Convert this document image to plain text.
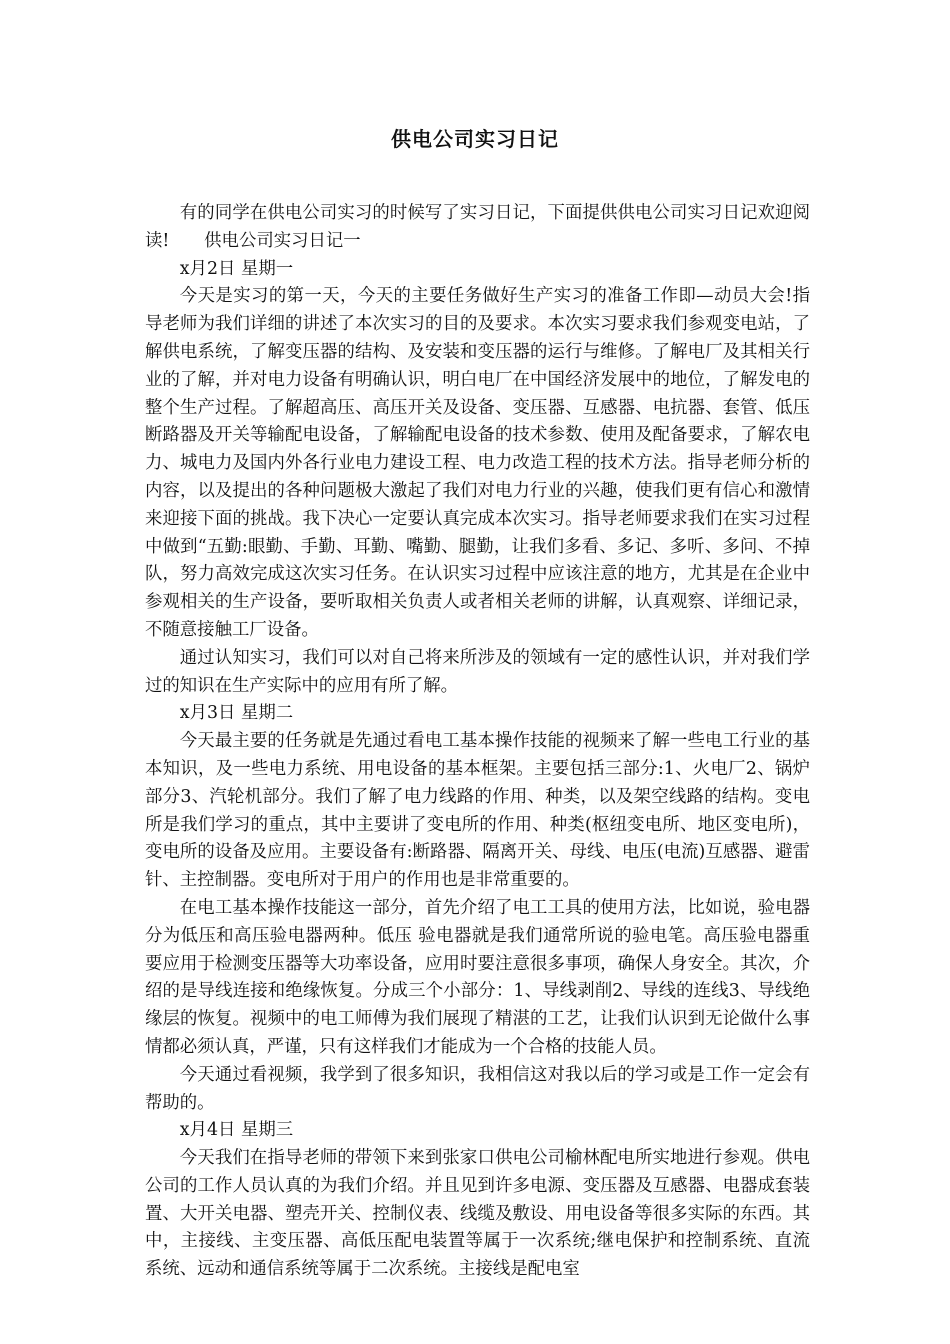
供电公司实习日记

有的同学在供电公司实习的时候写了实习日记，下面提供供电公司实习日记欢迎阅读!　　供电公司实习日记一

x月2日 星期一

今天是实习的第一天，今天的主要任务做好生产实习的准备工作即—动员大会!指导老师为我们详细的讲述了本次实习的目的及要求。本次实习要求我们参观变电站，了解供电系统，了解变压器的结构、及安装和变压器的运行与维修。了解电厂及其相关行业的了解，并对电力设备有明确认识，明白电厂在中国经济发展中的地位，了解发电的整个生产过程。了解超高压、高压开关及设备、变压器、互感器、电抗器、套管、低压断路器及开关等输配电设备，了解输配电设备的技术参数、使用及配备要求，了解农电力、城电力及国内外各行业电力建设工程、电力改造工程的技术方法。指导老师分析的内容，以及提出的各种问题极大激起了我们对电力行业的兴趣，使我们更有信心和激情来迎接下面的挑战。我下决心一定要认真完成本次实习。指导老师要求我们在实习过程中做到“五勤:眼勤、手勤、耳勤、嘴勤、腿勤，让我们多看、多记、多听、多问、不掉队，努力高效完成这次实习任务。在认识实习过程中应该注意的地方，尤其是在企业中参观相关的生产设备，要听取相关负责人或者相关老师的讲解，认真观察、详细记录，不随意接触工厂设备。

通过认知实习，我们可以对自己将来所涉及的领域有一定的感性认识，并对我们学过的知识在生产实际中的应用有所了解。

x月3日 星期二

今天最主要的任务就是先通过看电工基本操作技能的视频来了解一些电工行业的基本知识，及一些电力系统、用电设备的基本框架。主要包括三部分:1、火电厂2、锅炉部分3、汽轮机部分。我们了解了电力线路的作用、种类，以及架空线路的结构。变电所是我们学习的重点，其中主要讲了变电所的作用、种类(枢纽变电所、地区变电所)，变电所的设备及应用。主要设备有:断路器、隔离开关、母线、电压(电流)互感器、避雷针、主控制器。变电所对于用户的作用也是非常重要的。

在电工基本操作技能这一部分，首先介绍了电工工具的使用方法，比如说，验电器分为低压和高压验电器两种。低压 验电器就是我们通常所说的验电笔。高压验电器重要应用于检测变压器等大功率设备，应用时要注意很多事项，确保人身安全。其次，介绍的是导线连接和绝缘恢复。分成三个小部分：1、导线剥削2、导线的连线3、导线绝缘层的恢复。视频中的电工师傅为我们展现了精湛的工艺，让我们认识到无论做什么事情都必须认真，严谨，只有这样我们才能成为一个合格的技能人员。

今天通过看视频，我学到了很多知识，我相信这对我以后的学习或是工作一定会有帮助的。

x月4日 星期三

今天我们在指导老师的带领下来到张家口供电公司榆林配电所实地进行参观。供电公司的工作人员认真的为我们介绍。并且见到许多电源、变压器及互感器、电器成套装置、大开关电器、塑壳开关、控制仪表、线缆及敷设、用电设备等很多实际的东西。其中，主接线、主变压器、高低压配电装置等属于一次系统;继电保护和控制系统、直流系统、远动和通信系统等属于二次系统。主接线是配电室
